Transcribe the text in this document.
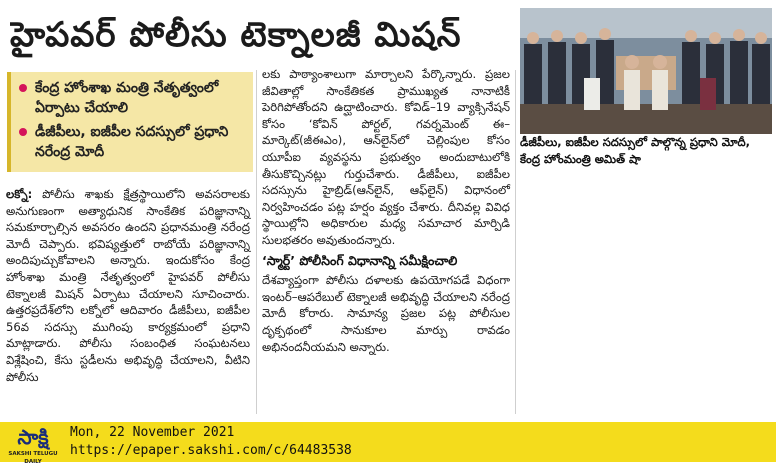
హైపవర్ పోలీసు టెక్నాలజీ మిషన్
కేంద్ర హోంశాఖ మంత్రి నేతృత్వంలో ఏర్పాటు చేయాలి
డీజీపీలు, ఐజీపీల సదస్సులో ప్రధాని నరేంద్ర మోదీ

లక్నో: పోలీసు శాఖకు క్షేత్రస్థాయిలోని అవసరాలకు అనుగుణంగా అత్యాధునిక సాంకేతిక పరిజ్ఞానాన్ని సమకూర్చాల్సిన అవసరం ఉందని ప్రధానమంత్రి నరేంద్ర మోదీ చెప్పారు. భవిష్యత్తులో రాబోయే పరిజ్ఞానాన్ని అందిపుచ్చుకోవాలని అన్నారు. ఇందుకోసం కేంద్ర హోంశాఖ మంత్రి నేతృత్వంలో హైపవర్ పోలీసు టెక్నాలజీ మిషన్ ఏర్పాటు చేయాలని సూచించారు. ఉత్తరప్రదేశ్‌లోని లక్నోలో ఆదివారం డీజీపీలు, ఐజీపీల 56వ సదస్సు ముగింపు కార్యక్రమంలో ప్రధాని మాట్లాడారు. పోలీసు సంబంధిత సంఘటనలు విశ్లేషించి, కేసు స్టడీలను అభివృద్ధి చేయాలని, వీటిని పోలీసు

లకు పాఠ్యాంశాలుగా మార్చాలని పేర్కొన్నారు. ప్రజల జీవితాల్లో సాంకేతికత ప్రాముఖ్యత నానాటికీ పెరిగిపోతోందని ఉద్ఘాటించారు. కోవిడ్–19 వ్యాక్సినేషన్ కోసం ‘కోవిన్ పోర్టల్, గవర్నమెంట్ ఈ–మార్కెట్(జీఈఎం), ఆన్‌లైన్‌లో చెల్లింపుల కోసం యూపీఐ వ్యవస్థను ప్రభుత్వం అందుబాటులోకి తీసుకొచ్చినట్లు గుర్తుచేశారు. డీజీపీలు, ఐజీపీల సదస్సును హైబ్రిడ్(ఆన్‌లైన్, ఆఫ్‌లైన్) విధానంలో నిర్వహించడం పట్ల హర్షం వ్యక్తం చేశారు. దీనివల్ల వివిధ స్థాయిల్లోని అధికారుల మధ్య సమాచార మార్పిడి సులభతరం అవుతుందన్నారు.

‘స్మార్ట్’ పోలీసింగ్ విధానాన్ని సమీక్షించాలి

దేశవ్యాప్తంగా పోలీసు దళాలకు ఉపయోగపడే విధంగా ఇంటర్–ఆపరేబుల్ టెక్నాలజీ అభివృద్ధి చేయాలని నరేంద్ర మోదీ కోరారు. సామాన్య ప్రజల పట్ల పోలీసుల దృక్పథంలో సానుకూల మార్పు రావడం అభినందనీయమని అన్నారు.

డీజీపీలు, ఐజీపీల సదస్సులో పాల్గొన్న ప్రధాని మోదీ, కేంద్ర హోంమంత్రి అమిత్ షా
సాక్షి
SAKSHI TELUGU DAILY
Mon, 22 November 2021
https://epaper.sakshi.com/c/64483538
